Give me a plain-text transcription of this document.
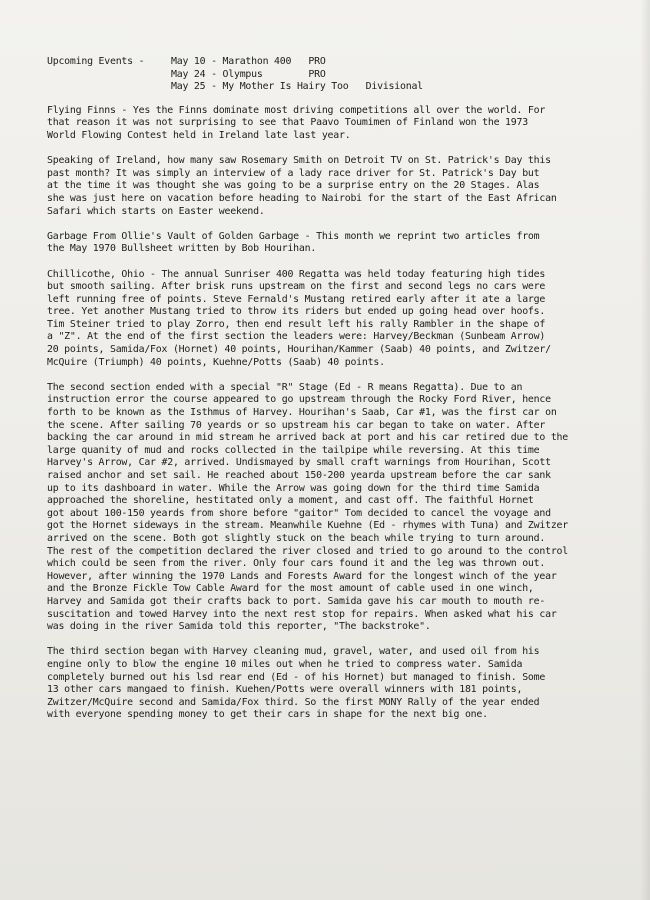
Upcoming Events -	May 10 - Marathon 400   PRO
May 24 - Olympus        PRO
May 25 - My Mother Is Hairy Too   Divisional

Flying Finns - Yes the Finns dominate most driving competitions all over the world. For
that reason it was not surprising to see that Paavo Toumimen of Finland won the 1973
World Flowing Contest held in Ireland late last year.

Speaking of Ireland, how many saw Rosemary Smith on Detroit TV on St. Patrick's Day this
past month? It was simply an interview of a lady race driver for St. Patrick's Day but
at the time it was thought she was going to be a surprise entry on the 20 Stages. Alas
she was just here on vacation before heading to Nairobi for the start of the East African
Safari which starts on Easter weekend.

Garbage From Ollie's Vault of Golden Garbage - This month we reprint two articles from
the May 1970 Bullsheet written by Bob Hourihan.

Chillicothe, Ohio - The annual Sunriser 400 Regatta was held today featuring high tides
but smooth sailing. After brisk runs upstream on the first and second legs no cars were
left running free of points. Steve Fernald's Mustang retired early after it ate a large
tree. Yet another Mustang tried to throw its riders but ended up going head over hoofs.
Tim Steiner tried to play Zorro, then end result left his rally Rambler in the shape of
a "Z". At the end of the first section the leaders were: Harvey/Beckman (Sunbeam Arrow)
20 points, Samida/Fox (Hornet) 40 points, Hourihan/Kammer (Saab) 40 points, and Zwitzer/
McQuire (Triumph) 40 points, Kuehne/Potts (Saab) 40 points.

The second section ended with a special "R" Stage (Ed - R means Regatta). Due to an
instruction error the course appeared to go upstream through the Rocky Ford River, hence
forth to be known as the Isthmus of Harvey. Hourihan's Saab, Car #1, was the first car on
the scene. After sailing 70 yeards or so upstream his car began to take on water. After
backing the car around in mid stream he arrived back at port and his car retired due to the
large quanity of mud and rocks collected in the tailpipe while reversing. At this time
Harvey's Arrow, Car #2, arrived. Undismayed by small craft warnings from Hourihan, Scott
raised anchor and set sail. He reached about 150-200 yearda upstream before the car sank
up to its dashboard in water. While the Arrow was going down for the third time Samida
approached the shoreline, hestitated only a moment, and cast off. The faithful Hornet
got about 100-150 yeards from shore before "gaitor" Tom decided to cancel the voyage and
got the Hornet sideways in the stream. Meanwhile Kuehne (Ed - rhymes with Tuna) and Zwitzer
arrived on the scene. Both got slightly stuck on the beach while trying to turn around.
The rest of the competition declared the river closed and tried to go around to the control
which could be seen from the river. Only four cars found it and the leg was thrown out.
However, after winning the 1970 Lands and Forests Award for the longest winch of the year
and the Bronze Fickle Tow Cable Award for the most amount of cable used in one winch,
Harvey and Samida got their crafts back to port. Samida gave his car mouth to mouth re-
suscitation and towed Harvey into the next rest stop for repairs. When asked what his car
was doing in the river Samida told this reporter, "The backstroke".

The third section began with Harvey cleaning mud, gravel, water, and used oil from his
engine only to blow the engine 10 miles out when he tried to compress water. Samida
completely burned out his lsd rear end (Ed - of his Hornet) but managed to finish. Some
13 other cars mangaed to finish. Kuehen/Potts were overall winners with 181 points,
Zwitzer/McQuire second and Samida/Fox third. So the first MONY Rally of the year ended
with everyone spending money to get their cars in shape for the next big one.
